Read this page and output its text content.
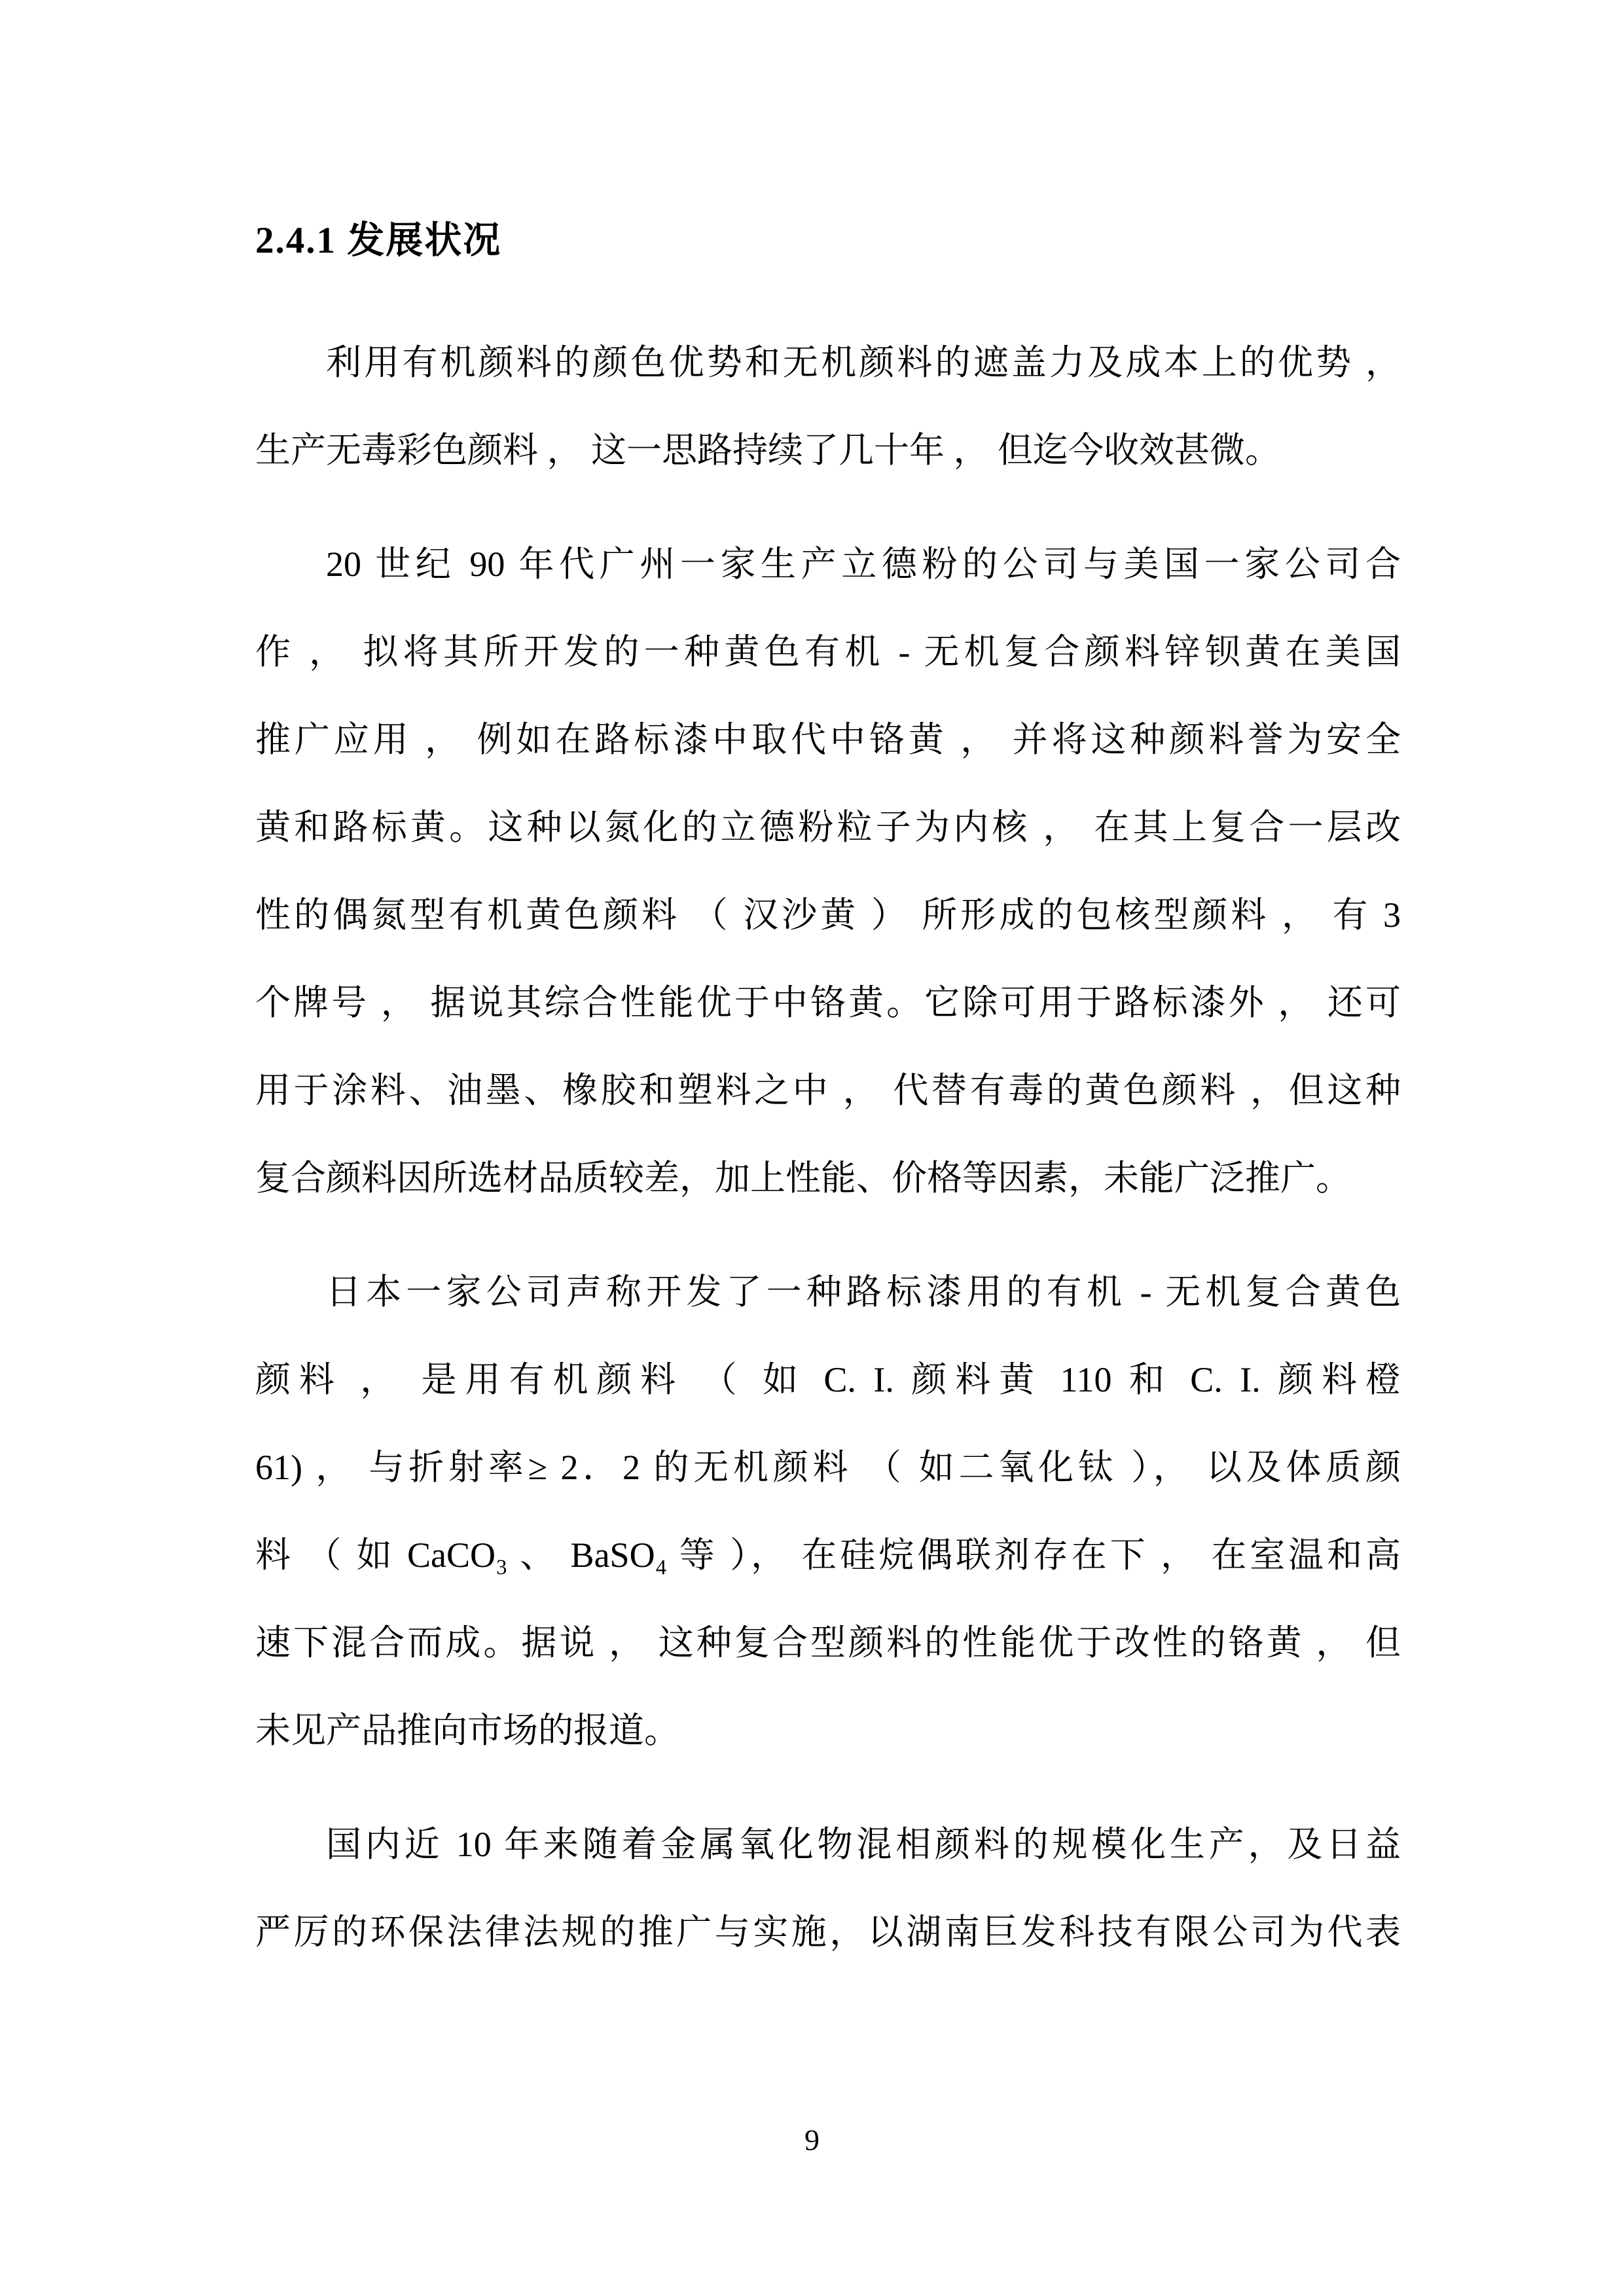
2.4.1 发展状况
利用有机颜料的颜色优势和无机颜料的遮盖力及成本上的优势 ，
生产无毒彩色颜料 ， 这一思路持续了几十年 ， 但迄今收效甚微。
20 世纪 90 年代广州一家生产立德粉的公司与美国一家公司合
作 ， 拟将其所开发的一种黄色有机 - 无机复合颜料锌钡黄在美国
推广应用 ， 例如在路标漆中取代中铬黄 ， 并将这种颜料誉为安全
黄和路标黄。这种以氮化的立德粉粒子为内核 ， 在其上复合一层改
性的偶氮型有机黄色颜料 （ 汉沙黄 ） 所形成的包核型颜料 ， 有 3
个牌号 ， 据说其综合性能优于中铬黄。它除可用于路标漆外 ， 还可
用于涂料、油墨、橡胶和塑料之中 ， 代替有毒的黄色颜料 ，但这种
复合颜料因所选材品质较差，加上性能、价格等因素，未能广泛推广。
日本一家公司声称开发了一种路标漆用的有机 - 无机复合黄色
颜料 ， 是用有机颜料 （ 如 C. I. 颜料黄 110 和 C. I. 颜料橙
61) ， 与折射率≥ 2．2 的无机颜料 （ 如二氧化钛 ）， 以及体质颜
料 （ 如 CaCO₃ 、 BaSO₄ 等 ）， 在硅烷偶联剂存在下 ， 在室温和高
速下混合而成。据说 ， 这种复合型颜料的性能优于改性的铬黄 ， 但
未见产品推向市场的报道。
国内近 10 年来随着金属氧化物混相颜料的规模化生产，及日益
严厉的环保法律法规的推广与实施，以湖南巨发科技有限公司为代表
9
